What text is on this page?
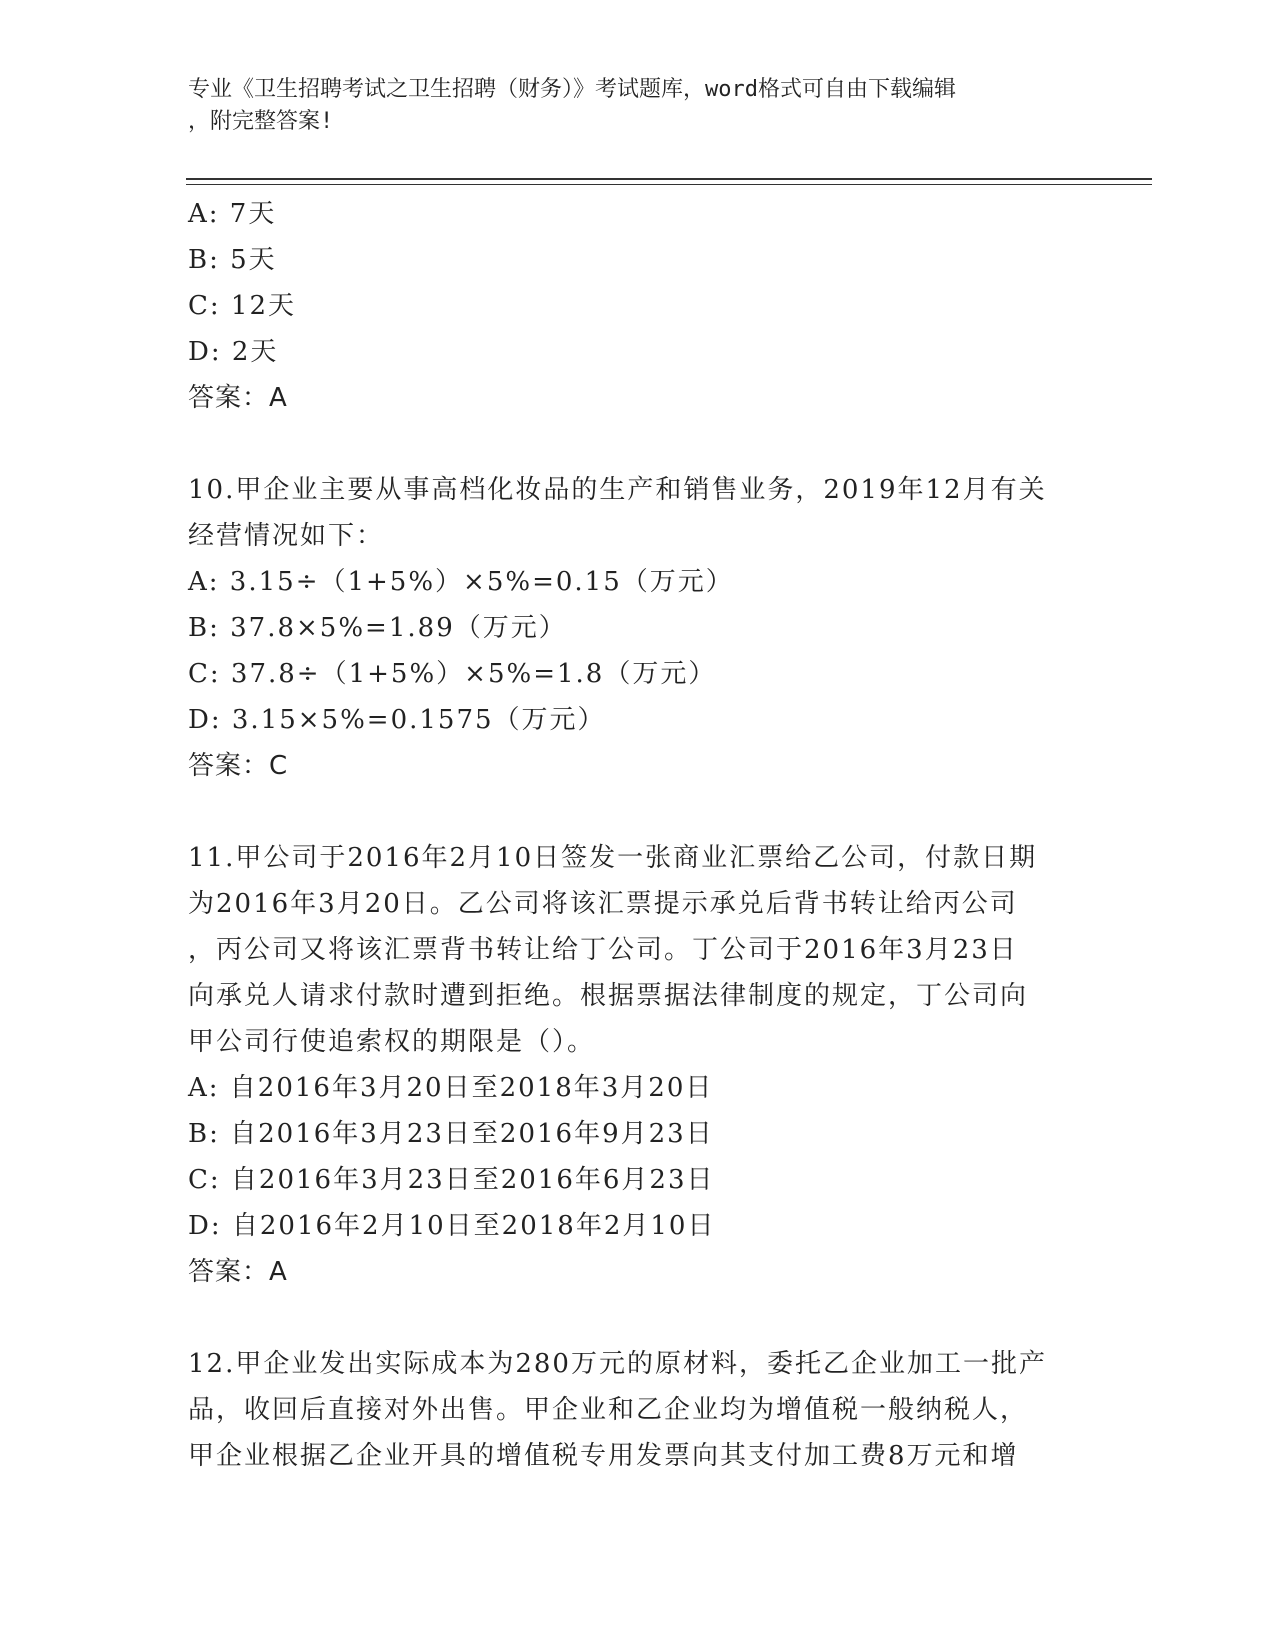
专业《卫生招聘考试之卫生招聘（财务）》考试题库，word格式可自由下载编辑
，附完整答案!
A: 7天
B: 5天
C: 12天
D: 2天
答案：A
10.甲企业主要从事高档化妆品的生产和销售业务，2019年12月有关
经营情况如下：
A: 3.15÷（1+5%）×5%=0.15（万元）
B: 37.8×5%=1.89（万元）
C: 37.8÷（1+5%）×5%=1.8（万元）
D: 3.15×5%=0.1575（万元）
答案：C
11.甲公司于2016年2月10日签发一张商业汇票给乙公司，付款日期
为2016年3月20日。乙公司将该汇票提示承兑后背书转让给丙公司
，丙公司又将该汇票背书转让给丁公司。丁公司于2016年3月23日
向承兑人请求付款时遭到拒绝。根据票据法律制度的规定，丁公司向
甲公司行使追索权的期限是（）。
A: 自2016年3月20日至2018年3月20日
B: 自2016年3月23日至2016年9月23日
C: 自2016年3月23日至2016年6月23日
D: 自2016年2月10日至2018年2月10日
答案：A
12.甲企业发出实际成本为280万元的原材料，委托乙企业加工一批产
品，收回后直接对外出售。甲企业和乙企业均为增值税一般纳税人，
甲企业根据乙企业开具的增值税专用发票向其支付加工费8万元和增
